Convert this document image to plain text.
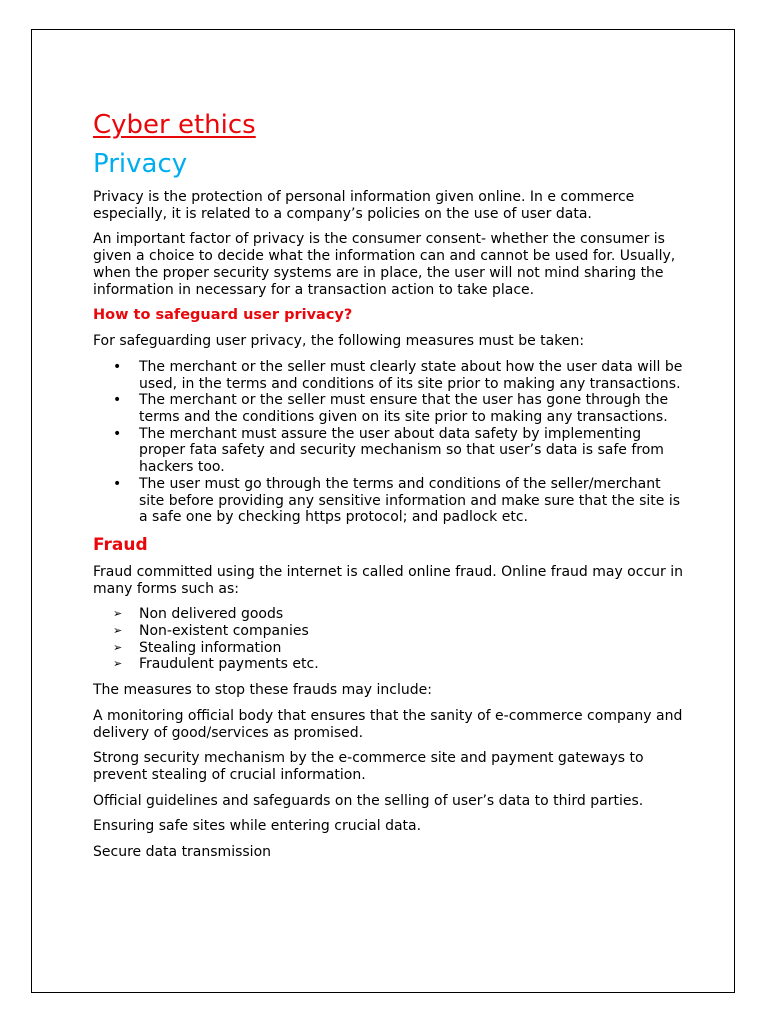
Cyber ethics
Privacy

Privacy is the protection of personal information given online. In e commerce especially, it is related to a company’s policies on the use of user data.

An important factor of privacy is the consumer consent- whether the consumer is given a choice to decide what the information can and cannot be used for. Usually, when the proper security systems are in place, the user will not mind sharing the information in necessary for a transaction action to take place.

How to safeguard user privacy?

For safeguarding user privacy, the following measures must be taken:

•	The merchant or the seller must clearly state about how the user data will be used, in the terms and conditions of its site prior to making any transactions.
•	The merchant or the seller must ensure that the user has gone through the terms and the conditions given on its site prior to making any transactions.
•	The merchant must assure the user about data safety by implementing proper fata safety and security mechanism so that user’s data is safe from hackers too.
•	The user must go through the terms and conditions of the seller/merchant site before providing any sensitive information and make sure that the site is a safe one by checking https protocol; and padlock etc.
Fraud

Fraud committed using the internet is called online fraud. Online fraud may occur in many forms such as:

➢	Non delivered goods
➢	Non-existent companies
➢	Stealing information
➢	Fraudulent payments etc.

The measures to stop these frauds may include:

A monitoring official body that ensures that the sanity of e-commerce company and delivery of good/services as promised.

Strong security mechanism by the e-commerce site and payment gateways to prevent stealing of crucial information.

Official guidelines and safeguards on the selling of user’s data to third parties.

Ensuring safe sites while entering crucial data.

Secure data transmission
